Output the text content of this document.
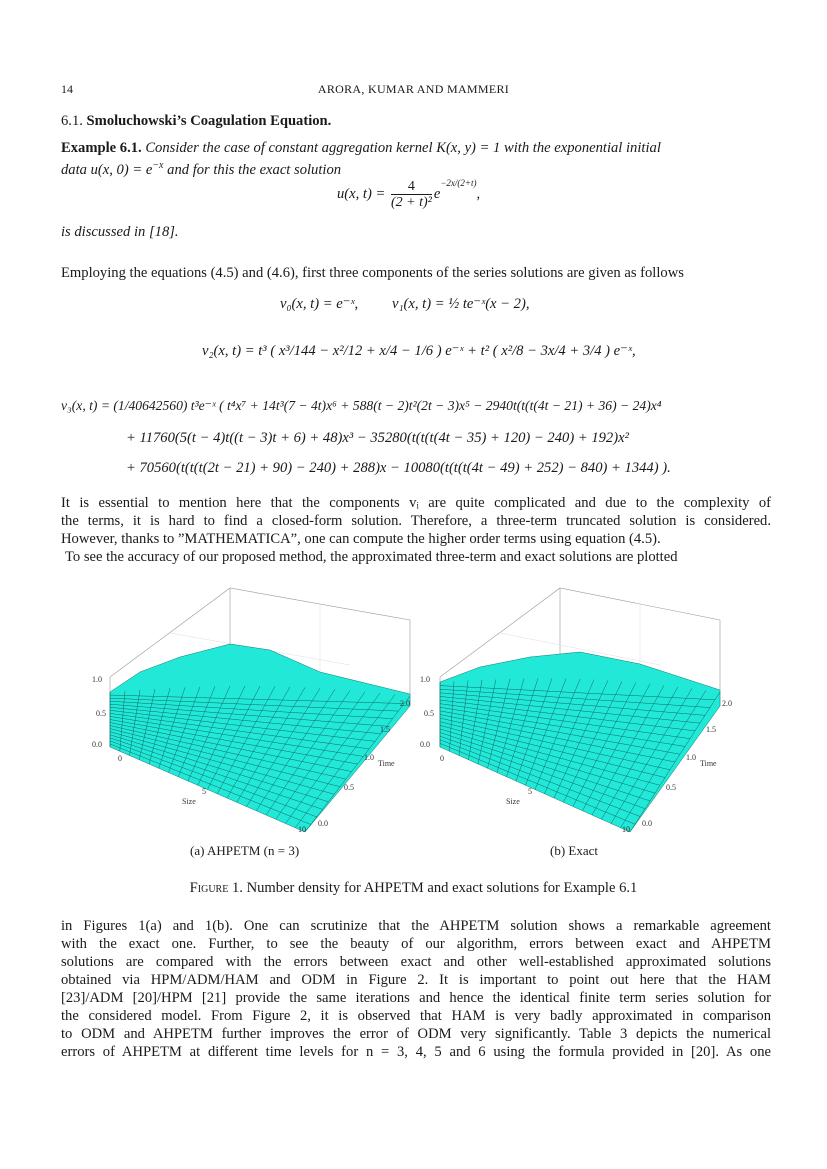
14	ARORA, KUMAR AND MAMMERI
6.1. Smoluchowski’s Coagulation Equation.
Example 6.1. Consider the case of constant aggregation kernel K(x, y) = 1 with the exponential initial
data u(x, $0) = e^{-x}$ and for this the exact solution
u(x, $t) = \frac{4}{\text{(2 + t)²}} e^{-2x/(2+t)}$,
is discussed in [18].
Employing the equations (4.5) and (4.6), first three components of the series solutions are given as follows
v₀(x, t) = e⁻ˣ, v₁(x, t) = ½ te⁻ˣ(x − 2),
v₂(x, t) = t³ ( x³/144 − x²/12 + x/4 − 1/6 ) e⁻ˣ + t² ( x²/8 − 3x/4 + 3/4 ) e⁻ˣ,
v₃(x, t) = (1/40642560) t³e⁻ˣ ( t⁴x⁷ + 14t³(7 − 4t)x⁶ + 588(t − 2)t²(2t − 3)x⁵ − 2940t(t(t(4t − 21) + 36) − 24)x⁴
+ 11760(5(t − 4)t((t − 3)t + 6) + 48)x³ − 35280(t(t(t(4t − 35) + 120) − 240) + 192)x²
+ 70560(t(t(t(2t − 21) + 90) − 240) + 288)x − 10080(t(t(t(4t − 49) + 252) − 840) + 1344) ).
It is essential to mention here that the components vᵢ are quite complicated and due to the complexity of
the terms, it is hard to find a closed-form solution. Therefore, a three-term truncated solution is considered.
However, thanks to ”MATHEMATICA”, one can compute the higher order terms using equation (4.5).
To see the accuracy of our proposed method, the approximated three-term and exact solutions are plotted
1.0
0.5
0.0
0
5
10
Size
0.0
0.5
1.0
1.5
2.0
Time
1.0
0.5
0.0
0
5
10
Size
0.0
0.5
1.0
1.5
2.0
Time
(a) AHPETM (n = 3)	(b) Exact
Figure 1. Number density for AHPETM and exact solutions for Example 6.1
in Figures 1(a) and 1(b). One can scrutinize that the AHPETM solution shows a remarkable agreement
with the exact one. Further, to see the beauty of our algorithm, errors between exact and AHPETM
solutions are compared with the errors between exact and other well-established approximated solutions
obtained via HPM/ADM/HAM and ODM in Figure 2. It is important to point out here that the HAM
[23]/ADM [20]/HPM [21] provide the same iterations and hence the identical finite term series solution for
the considered model. From Figure 2, it is observed that HAM is very badly approximated in comparison
to ODM and AHPETM further improves the error of ODM very significantly. Table 3 depicts the numerical
errors of AHPETM at different time levels for n = 3, 4, 5 and 6 using the formula provided in [20]. As one
